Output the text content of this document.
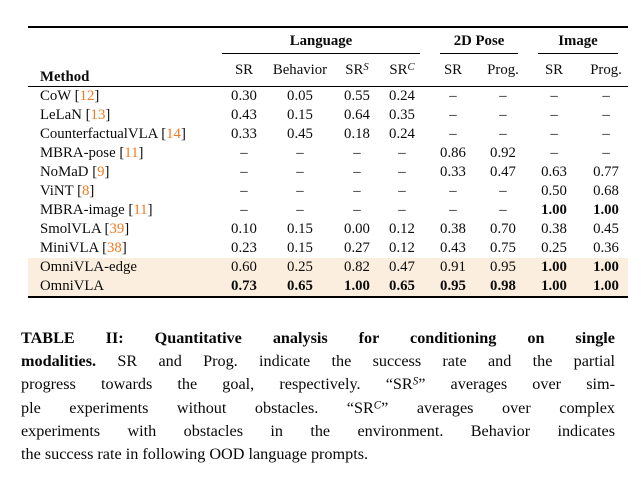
Method	Language				2D Pose		Image	

	SR	Behavior	$SR^S$	$SR^C$	SR	Prog.	SR	Prog.
CoW [12]	0.30	0.05	0.55	0.24	–	–	–	–
LeLaN [13]	0.43	0.15	0.64	0.35	–	–	–	–
CounterfactualVLA [14]	0.33	0.45	0.18	0.24	–	–	–	–
MBRA-pose [11]	–	–	–	–	0.86	0.92	–	–
NoMaD [9]	–	–	–	–	0.33	0.47	0.63	0.77
ViNT [8]	–	–	–	–	–	–	0.50	0.68
MBRA-image [11]	–	–	–	–	–	–	1.00	1.00
SmolVLA [39]	0.10	0.15	0.00	0.12	0.38	0.70	0.38	0.45
MiniVLA [38]	0.23	0.15	0.27	0.12	0.43	0.75	0.25	0.36
OmniVLA-edge	0.60	0.25	0.82	0.47	0.91	0.95	1.00	1.00
OmniVLA	0.73	0.65	1.00	0.65	0.95	0.98	1.00	1.00
TABLE II: Quantitative analysis for conditioning on single
modalities. SR and Prog. indicate the success rate and the partial
progress towards the goal, respectively. “$SR^S$” averages over sim-
ple experiments without obstacles. “$SR^C$” averages over complex
experiments with obstacles in the environment. Behavior indicates
the success rate in following OOD language prompts.
